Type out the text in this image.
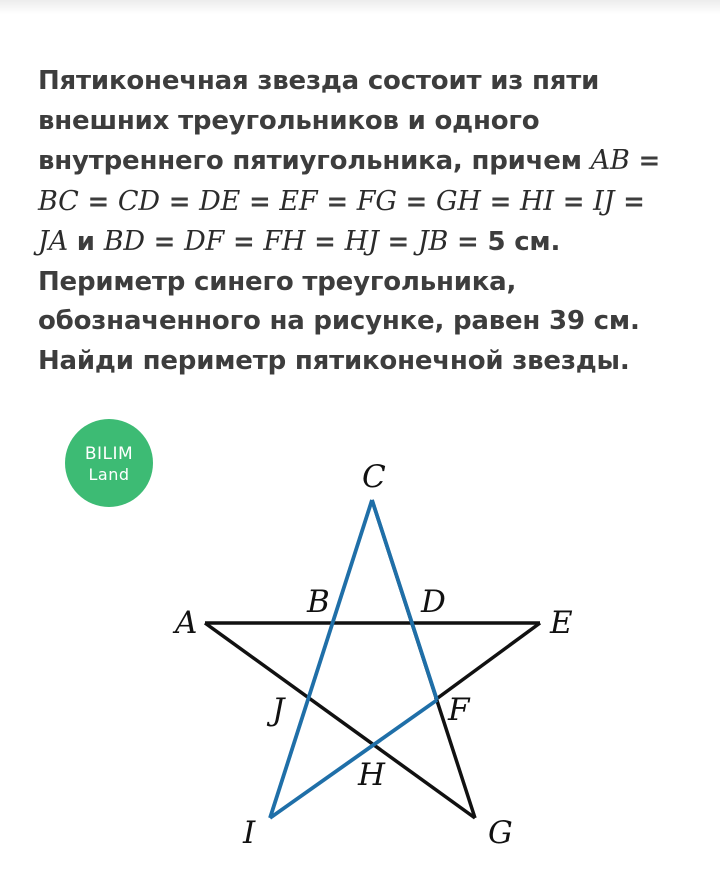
Пятиконечная звезда состоит из пяти
внешних треугольников и одного
внутреннего пятиугольника, причем AB =
BC = CD = DE = EF = FG = GH = HI = IJ =
JA и BD = DF = FH = HJ = JB = 5 см.
Периметр синего треугольника,
обозначенного на рисунке, равен 39 см.
Найди периметр пятиконечной звезды.
BILIM
Land	C
B	D
A	E
J	F
H
I	G
